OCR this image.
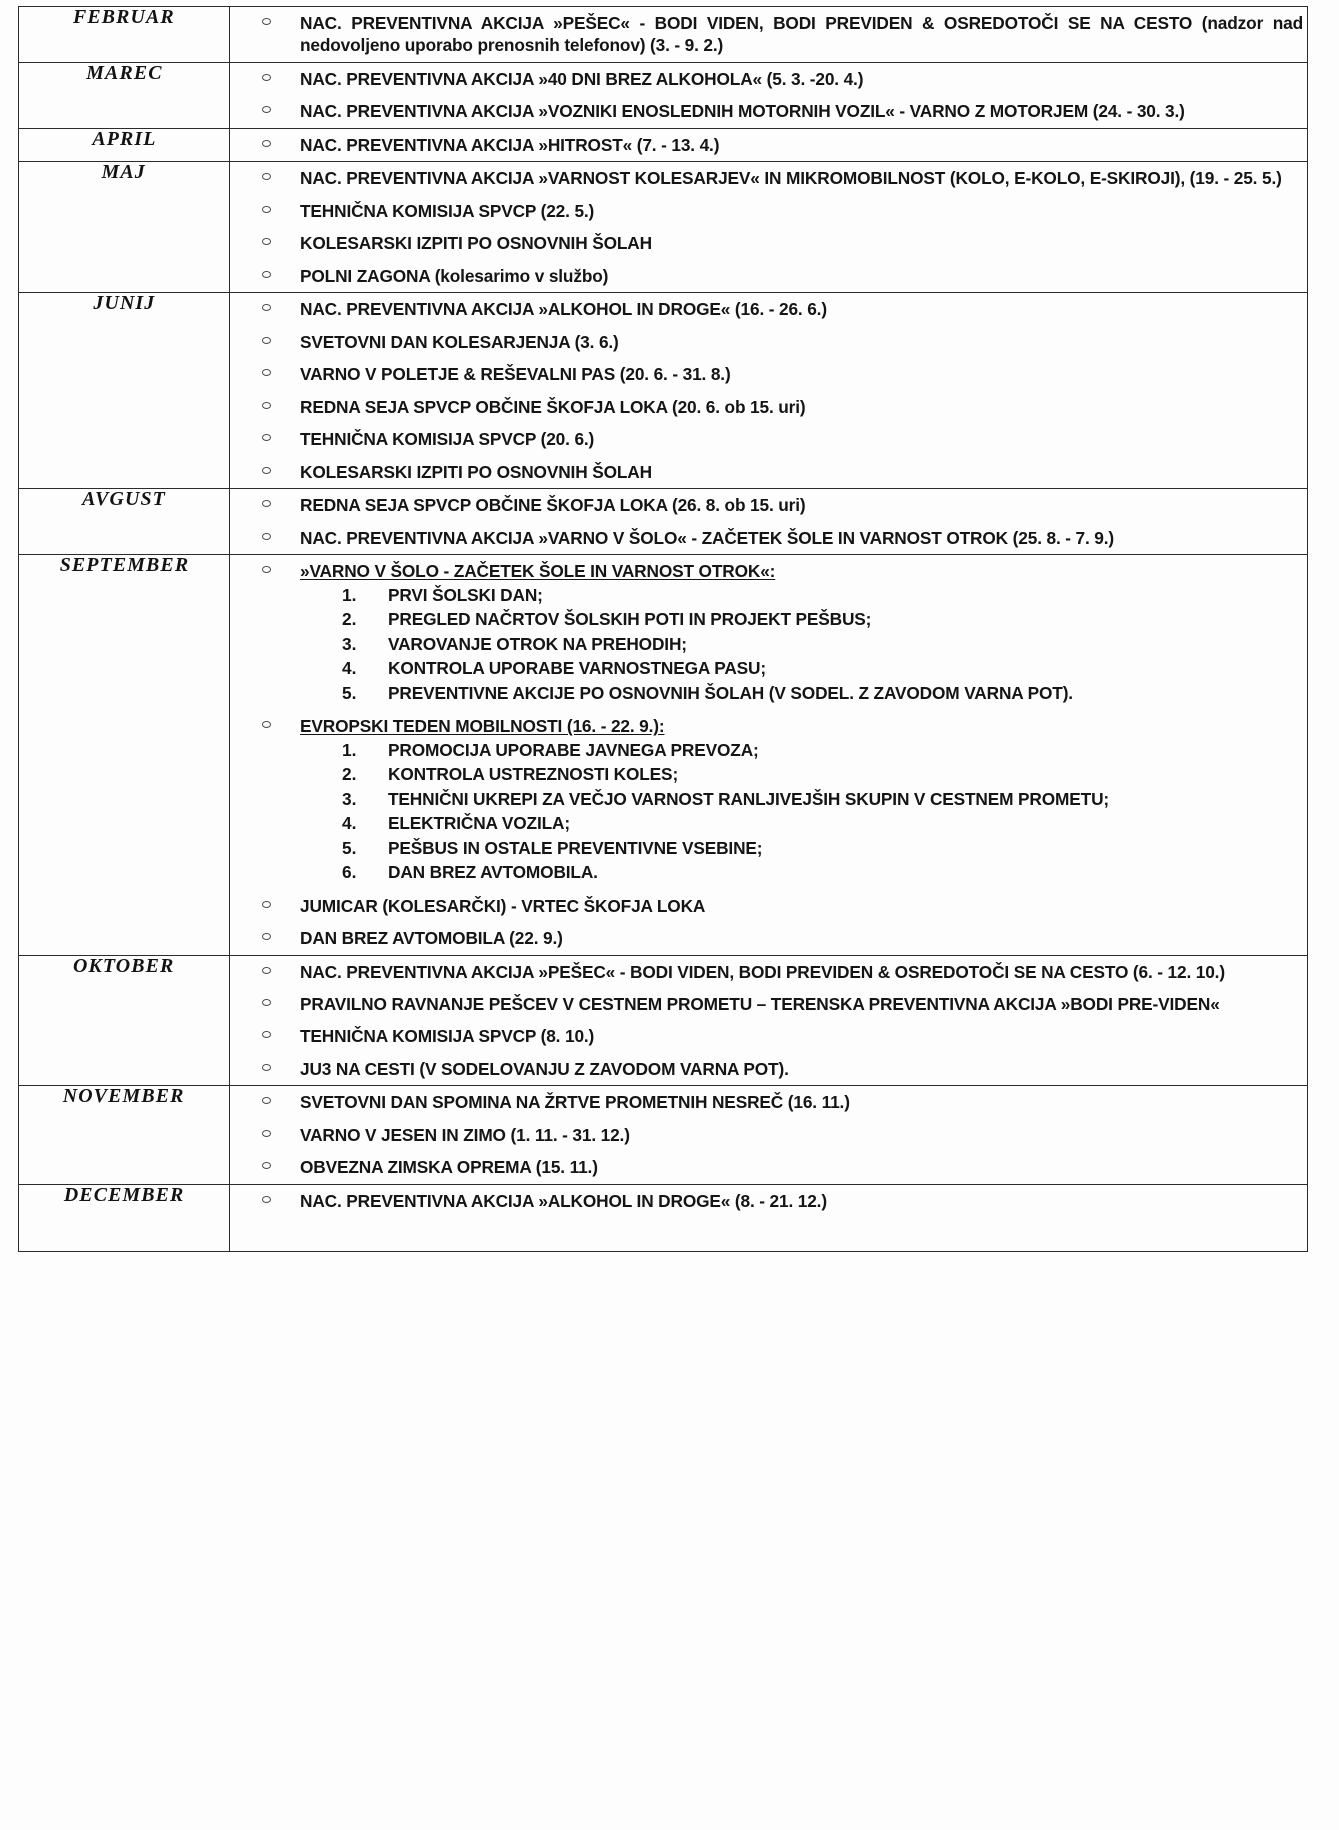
FEBRUAR	NAC. PREVENTIVNA AKCIJA »PEŠEC« - BODI VIDEN, BODI PREVIDEN & OSREDOTOČI SE NA CESTO (nadzor nad nedovoljeno uporabo prenosnih telefonov) (3. - 9. 2.)

MAREC	NAC. PREVENTIVNA AKCIJA »40 DNI BREZ ALKOHOLA« (5. 3. -20. 4.)
NAC. PREVENTIVNA AKCIJA »VOZNIKI ENOSLEDNIH MOTORNIH VOZIL« - VARNO Z MOTORJEM (24. - 30. 3.)

APRIL	NAC. PREVENTIVNA AKCIJA »HITROST« (7. - 13. 4.)

MAJ	NAC. PREVENTIVNA AKCIJA »VARNOST KOLESARJEV« IN MIKROMOBILNOST (KOLO, E-KOLO, E-SKIROJI), (19. - 25. 5.)
TEHNIČNA KOMISIJA SPVCP (22. 5.)
KOLESARSKI IZPITI PO OSNOVNIH ŠOLAH
POLNI ZAGONA (kolesarimo v službo)

JUNIJ	NAC. PREVENTIVNA AKCIJA »ALKOHOL IN DROGE« (16. - 26. 6.)
SVETOVNI DAN KOLESARJENJA (3. 6.)
VARNO V POLETJE & REŠEVALNI PAS (20. 6. - 31. 8.)
REDNA SEJA SPVCP OBČINE ŠKOFJA LOKA (20. 6. ob 15. uri)
TEHNIČNA KOMISIJA SPVCP (20. 6.)
KOLESARSKI IZPITI PO OSNOVNIH ŠOLAH

AVGUST	REDNA SEJA SPVCP OBČINE ŠKOFJA LOKA (26. 8. ob 15. uri)
NAC. PREVENTIVNA AKCIJA »VARNO V ŠOLO« - ZAČETEK ŠOLE IN VARNOST OTROK (25. 8. - 7. 9.)

SEPTEMBER	»VARNO V ŠOLO - ZAČETEK ŠOLE IN VARNOST OTROK«:
1. PRVI ŠOLSKI DAN;
2. PREGLED NAČRTOV ŠOLSKIH POTI IN PROJEKT PEŠBUS;
3. VAROVANJE OTROK NA PREHODIH;
4. KONTROLA UPORABE VARNOSTNEGA PASU;
5. PREVENTIVNE AKCIJE PO OSNOVNIH ŠOLAH (V SODEL. Z ZAVODOM VARNA POT).
EVROPSKI TEDEN MOBILNOSTI (16. - 22. 9.):
1. PROMOCIJA UPORABE JAVNEGA PREVOZA;
2. KONTROLA USTREZNOSTI KOLES;
3. TEHNIČNI UKREPI ZA VEČJO VARNOST RANLJIVEJŠIH SKUPIN V CESTNEM PROMETU;
4. ELEKTRIČNA VOZILA;
5. PEŠBUS IN OSTALE PREVENTIVNE VSEBINE;
6. DAN BREZ AVTOMOBILA.
JUMICAR (KOLESARČKI) - VRTEC ŠKOFJA LOKA
DAN BREZ AVTOMOBILA (22. 9.)

OKTOBER	NAC. PREVENTIVNA AKCIJA »PEŠEC« - BODI VIDEN, BODI PREVIDEN & OSREDOTOČI SE NA CESTO (6. - 12. 10.)
PRAVILNO RAVNANJE PEŠCEV V CESTNEM PROMETU – TERENSKA PREVENTIVNA AKCIJA »BODI PRE-VIDEN«
TEHNIČNA KOMISIJA SPVCP (8. 10.)
JU3 NA CESTI (V SODELOVANJU Z ZAVODOM VARNA POT).

NOVEMBER	SVETOVNI DAN SPOMINA NA ŽRTVE PROMETNIH NESREČ (16. 11.)
VARNO V JESEN IN ZIMO (1. 11. - 31. 12.)
OBVEZNA ZIMSKA OPREMA (15. 11.)

DECEMBER	NAC. PREVENTIVNA AKCIJA »ALKOHOL IN DROGE« (8. - 21. 12.)
